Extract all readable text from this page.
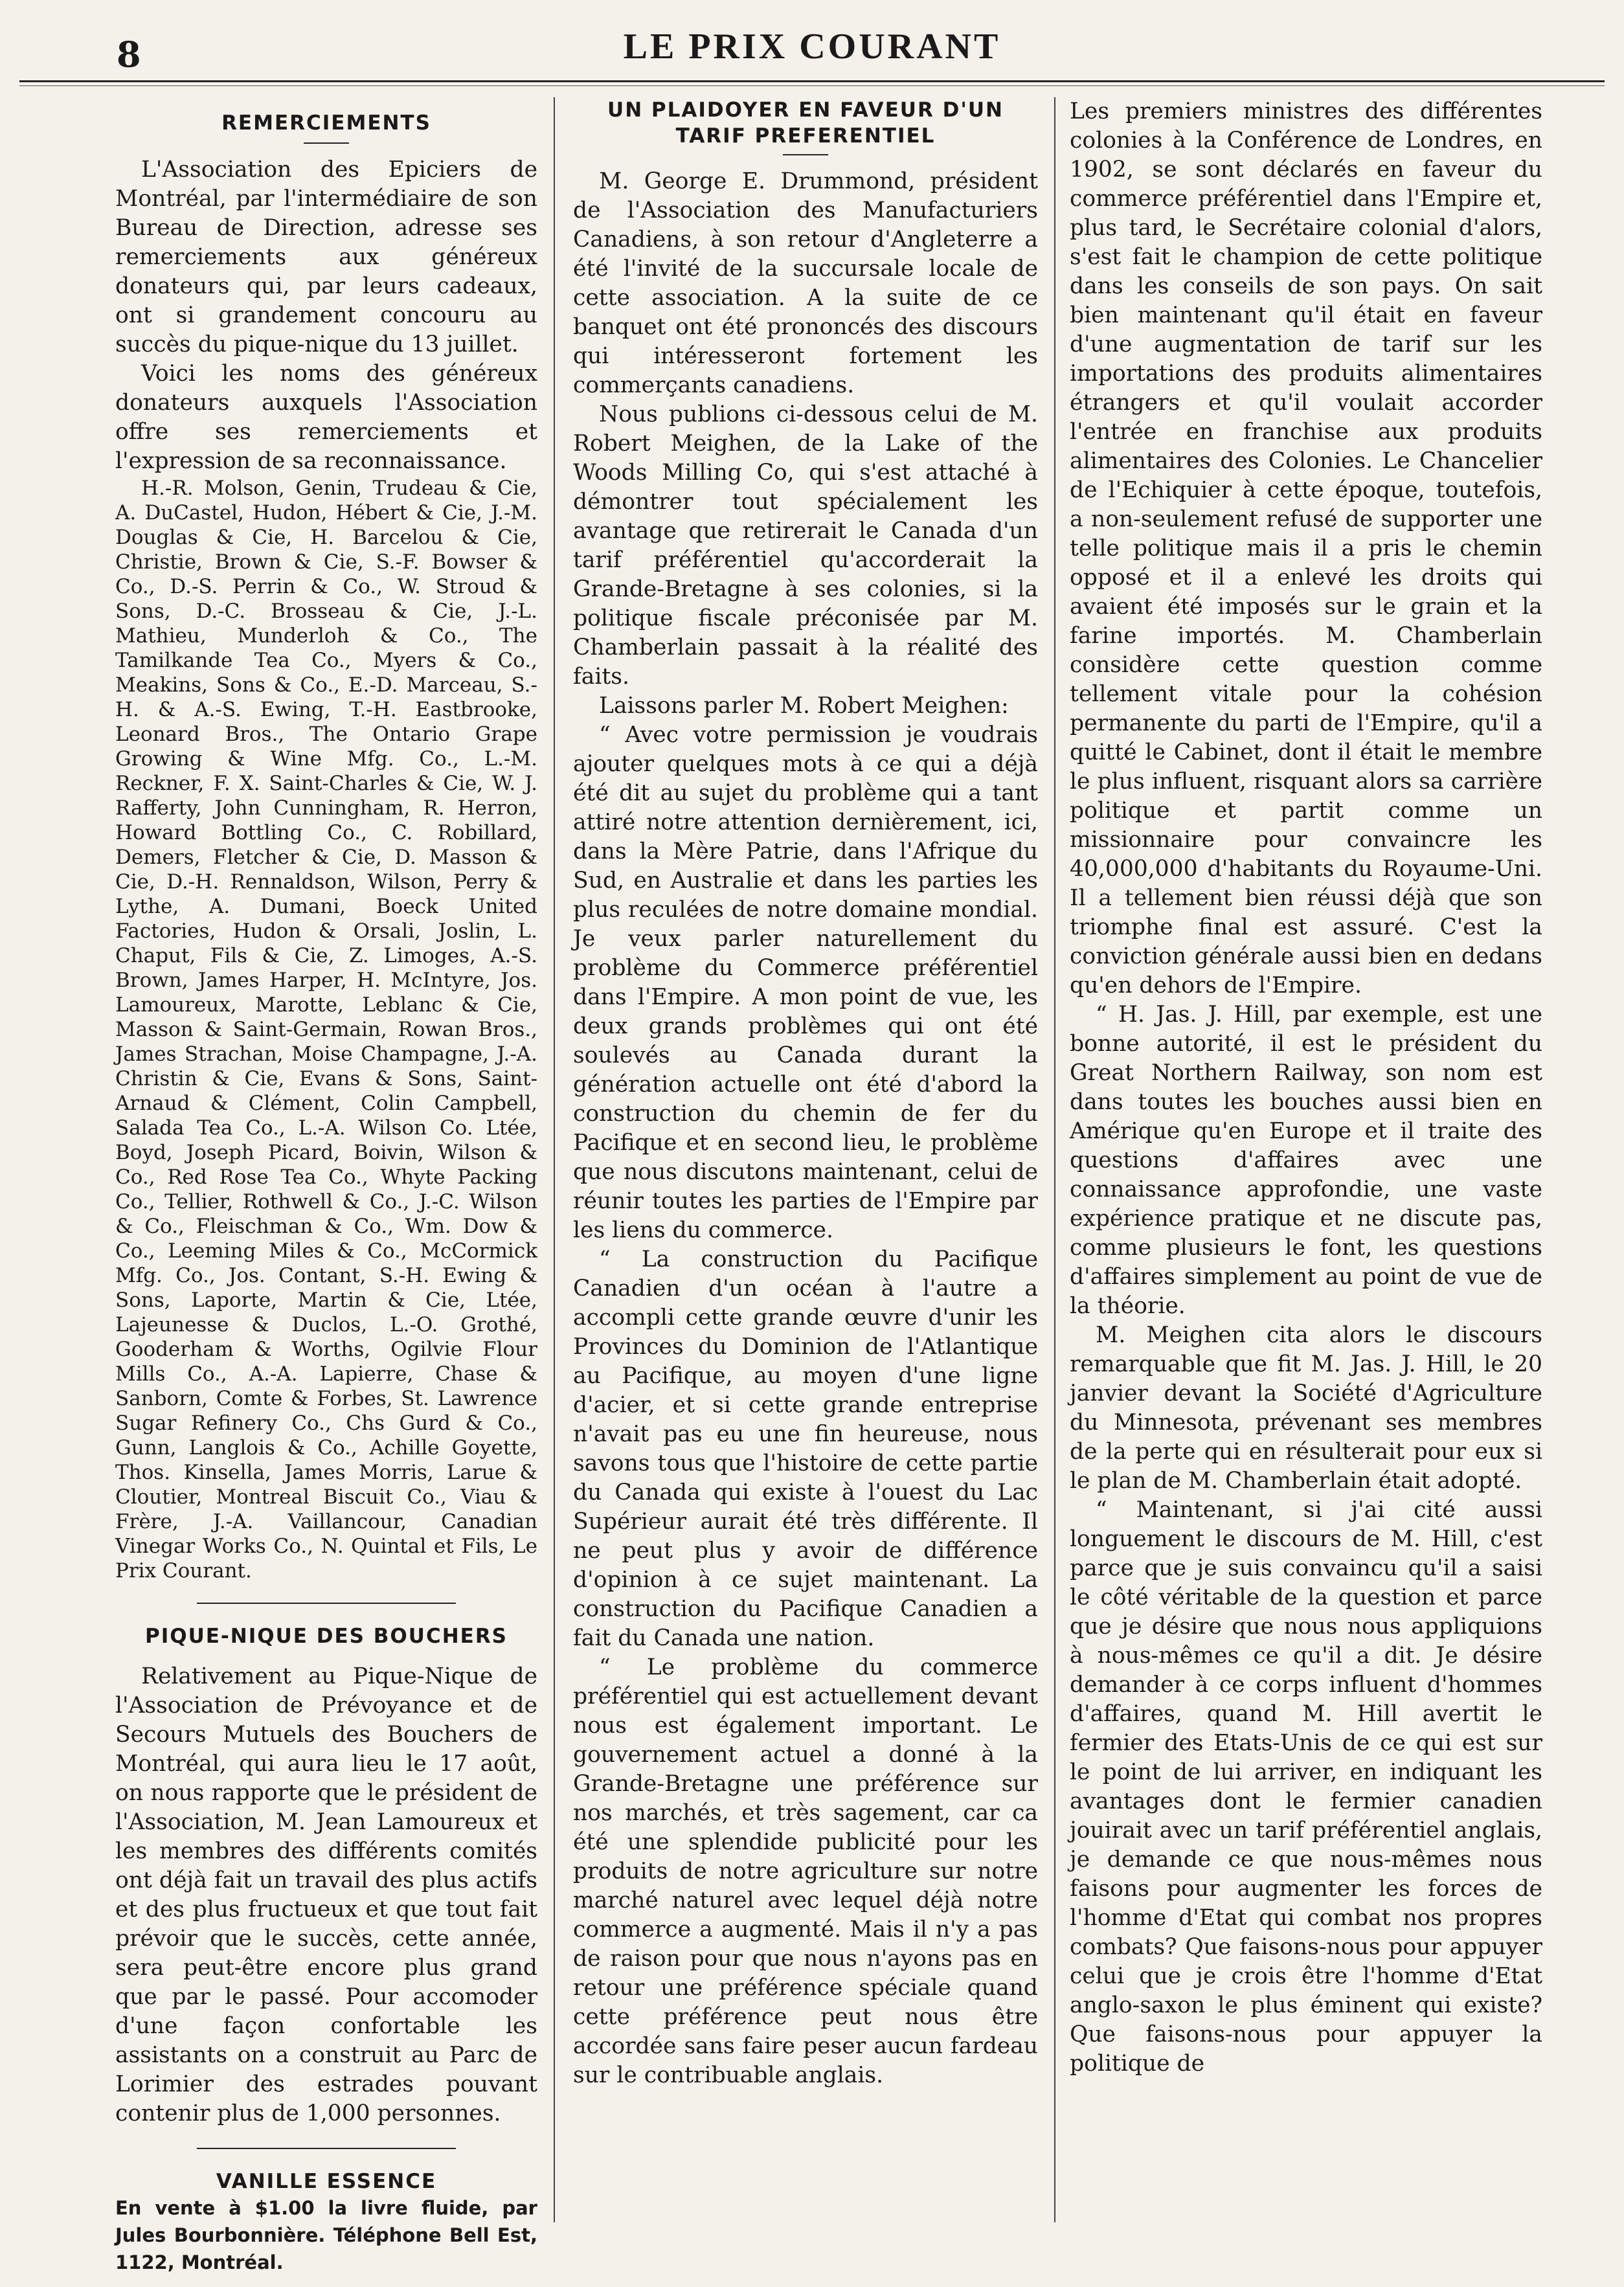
8	LE PRIX COURANT
REMERCIEMENTS

L'Association des Epiciers de Montréal, par l'intermédiaire de son Bureau de Direction, adresse ses remerciements aux généreux donateurs qui, par leurs cadeaux, ont si grandement concouru au succès du pique-nique du 13 juillet.

Voici les noms des généreux donateurs auxquels l'Association offre ses remerciements et l'expression de sa reconnaissance.

H.-R. Molson, Genin, Trudeau & Cie, A. DuCastel, Hudon, Hébert & Cie, J.-M. Douglas & Cie, H. Barcelou & Cie, Christie, Brown & Cie, S.-F. Bowser & Co., D.-S. Perrin & Co., W. Stroud & Sons, D.-C. Brosseau & Cie, J.-L. Mathieu, Munderloh & Co., The Tamilkande Tea Co., Myers & Co., Meakins, Sons & Co., E.-D. Marceau, S.-H. & A.-S. Ewing, T.-H. Eastbrooke, Leonard Bros., The Ontario Grape Growing & Wine Mfg. Co., L.-M. Reckner, F. X. Saint-Charles & Cie, W. J. Rafferty, John Cunningham, R. Herron, Howard Bottling Co., C. Robillard, Demers, Fletcher & Cie, D. Masson & Cie, D.-H. Rennaldson, Wilson, Perry & Lythe, A. Dumani, Boeck United Factories, Hudon & Orsali, Joslin, L. Chaput, Fils & Cie, Z. Limoges, A.-S. Brown, James Harper, H. McIntyre, Jos. Lamoureux, Marotte, Leblanc & Cie, Masson & Saint-Germain, Rowan Bros., James Strachan, Moise Champagne, J.-A. Christin & Cie, Evans & Sons, Saint-Arnaud & Clément, Colin Campbell, Salada Tea Co., L.-A. Wilson Co. Ltée, Boyd, Joseph Picard, Boivin, Wilson & Co., Red Rose Tea Co., Whyte Packing Co., Tellier, Rothwell & Co., J.-C. Wilson & Co., Fleischman & Co., Wm. Dow & Co., Leeming Miles & Co., McCormick Mfg. Co., Jos. Contant, S.-H. Ewing & Sons, Laporte, Martin & Cie, Ltée, Lajeunesse & Duclos, L.-O. Grothé, Gooderham & Worths, Ogilvie Flour Mills Co., A.-A. Lapierre, Chase & Sanborn, Comte & Forbes, St. Lawrence Sugar Refinery Co., Chs Gurd & Co., Gunn, Langlois & Co., Achille Goyette, Thos. Kinsella, James Morris, Larue & Cloutier, Montreal Biscuit Co., Viau & Frère, J.-A. Vaillancour, Canadian Vinegar Works Co., N. Quintal et Fils, Le Prix Courant.

PIQUE-NIQUE DES BOUCHERS

Relativement au Pique-Nique de l'Association de Prévoyance et de Secours Mutuels des Bouchers de Montréal, qui aura lieu le 17 août, on nous rapporte que le président de l'Association, M. Jean Lamoureux et les membres des différents comités ont déjà fait un travail des plus actifs et des plus fructueux et que tout fait prévoir que le succès, cette année, sera peut-être encore plus grand que par le passé. Pour accomoder d'une façon confortable les assistants on a construit au Parc de Lorimier des estrades pouvant contenir plus de 1,000 personnes.

VANILLE ESSENCE

En vente à $1.00 la livre fluide, par Jules Bourbonnière. Téléphone Bell Est, 1122, Montréal.

UN PLAIDOYER EN FAVEUR D'UN TARIF PREFERENTIEL

M. George E. Drummond, président de l'Association des Manufacturiers Canadiens, à son retour d'Angleterre a été l'invité de la succursale locale de cette association. A la suite de ce banquet ont été prononcés des discours qui intéresseront fortement les commerçants canadiens.

Nous publions ci-dessous celui de M. Robert Meighen, de la Lake of the Woods Milling Co, qui s'est attaché à démontrer tout spécialement les avantage que retirerait le Canada d'un tarif préférentiel qu'accorderait la Grande-Bretagne à ses colonies, si la politique fiscale préconisée par M. Chamberlain passait à la réalité des faits.

Laissons parler M. Robert Meighen:

“ Avec votre permission je voudrais ajouter quelques mots à ce qui a déjà été dit au sujet du problème qui a tant attiré notre attention dernièrement, ici, dans la Mère Patrie, dans l'Afrique du Sud, en Australie et dans les parties les plus reculées de notre domaine mondial. Je veux parler naturellement du problème du Commerce préférentiel dans l'Empire. A mon point de vue, les deux grands problèmes qui ont été soulevés au Canada durant la génération actuelle ont été d'abord la construction du chemin de fer du Pacifique et en second lieu, le problème que nous discutons maintenant, celui de réunir toutes les parties de l'Empire par les liens du commerce.

“ La construction du Pacifique Canadien d'un océan à l'autre a accompli cette grande œuvre d'unir les Provinces du Dominion de l'Atlantique au Pacifique, au moyen d'une ligne d'acier, et si cette grande entreprise n'avait pas eu une fin heureuse, nous savons tous que l'histoire de cette partie du Canada qui existe à l'ouest du Lac Supérieur aurait été très différente. Il ne peut plus y avoir de différence d'opinion à ce sujet maintenant. La construction du Pacifique Canadien a fait du Canada une nation.

“ Le problème du commerce préférentiel qui est actuellement devant nous est également important. Le gouvernement actuel a donné à la Grande-Bretagne une préférence sur nos marchés, et très sagement, car ca été une splendide publicité pour les produits de notre agriculture sur notre marché naturel avec lequel déjà notre commerce a augmenté. Mais il n'y a pas de raison pour que nous n'ayons pas en retour une préférence spéciale quand cette préférence peut nous être accordée sans faire peser aucun fardeau sur le contribuable anglais.

Les premiers ministres des différentes colonies à la Conférence de Londres, en 1902, se sont déclarés en faveur du commerce préférentiel dans l'Empire et, plus tard, le Secrétaire colonial d'alors, s'est fait le champion de cette politique dans les conseils de son pays. On sait bien maintenant qu'il était en faveur d'une augmentation de tarif sur les importations des produits alimentaires étrangers et qu'il voulait accorder l'entrée en franchise aux produits alimentaires des Colonies. Le Chancelier de l'Echiquier à cette époque, toutefois, a non-seulement refusé de supporter une telle politique mais il a pris le chemin opposé et il a enlevé les droits qui avaient été imposés sur le grain et la farine importés. M. Chamberlain considère cette question comme tellement vitale pour la cohésion permanente du parti de l'Empire, qu'il a quitté le Cabinet, dont il était le membre le plus influent, risquant alors sa carrière politique et partit comme un missionnaire pour convaincre les 40,000,000 d'habitants du Royaume-Uni. Il a tellement bien réussi déjà que son triomphe final est assuré. C'est la conviction générale aussi bien en dedans qu'en dehors de l'Empire.

“ H. Jas. J. Hill, par exemple, est une bonne autorité, il est le président du Great Northern Railway, son nom est dans toutes les bouches aussi bien en Amérique qu'en Europe et il traite des questions d'affaires avec une connaissance approfondie, une vaste expérience pratique et ne discute pas, comme plusieurs le font, les questions d'affaires simplement au point de vue de la théorie.

M. Meighen cita alors le discours remarquable que fit M. Jas. J. Hill, le 20 janvier devant la Société d'Agriculture du Minnesota, prévenant ses membres de la perte qui en résulterait pour eux si le plan de M. Chamberlain était adopté.

“ Maintenant, si j'ai cité aussi longuement le discours de M. Hill, c'est parce que je suis convaincu qu'il a saisi le côté véritable de la question et parce que je désire que nous nous appliquions à nous-mêmes ce qu'il a dit. Je désire demander à ce corps influent d'hommes d'affaires, quand M. Hill avertit le fermier des Etats-Unis de ce qui est sur le point de lui arriver, en indiquant les avantages dont le fermier canadien jouirait avec un tarif préférentiel anglais, je demande ce que nous-mêmes nous faisons pour augmenter les forces de l'homme d'Etat qui combat nos propres combats? Que faisons-nous pour appuyer celui que je crois être l'homme d'Etat anglo-saxon le plus éminent qui existe? Que faisons-nous pour appuyer la politique de
